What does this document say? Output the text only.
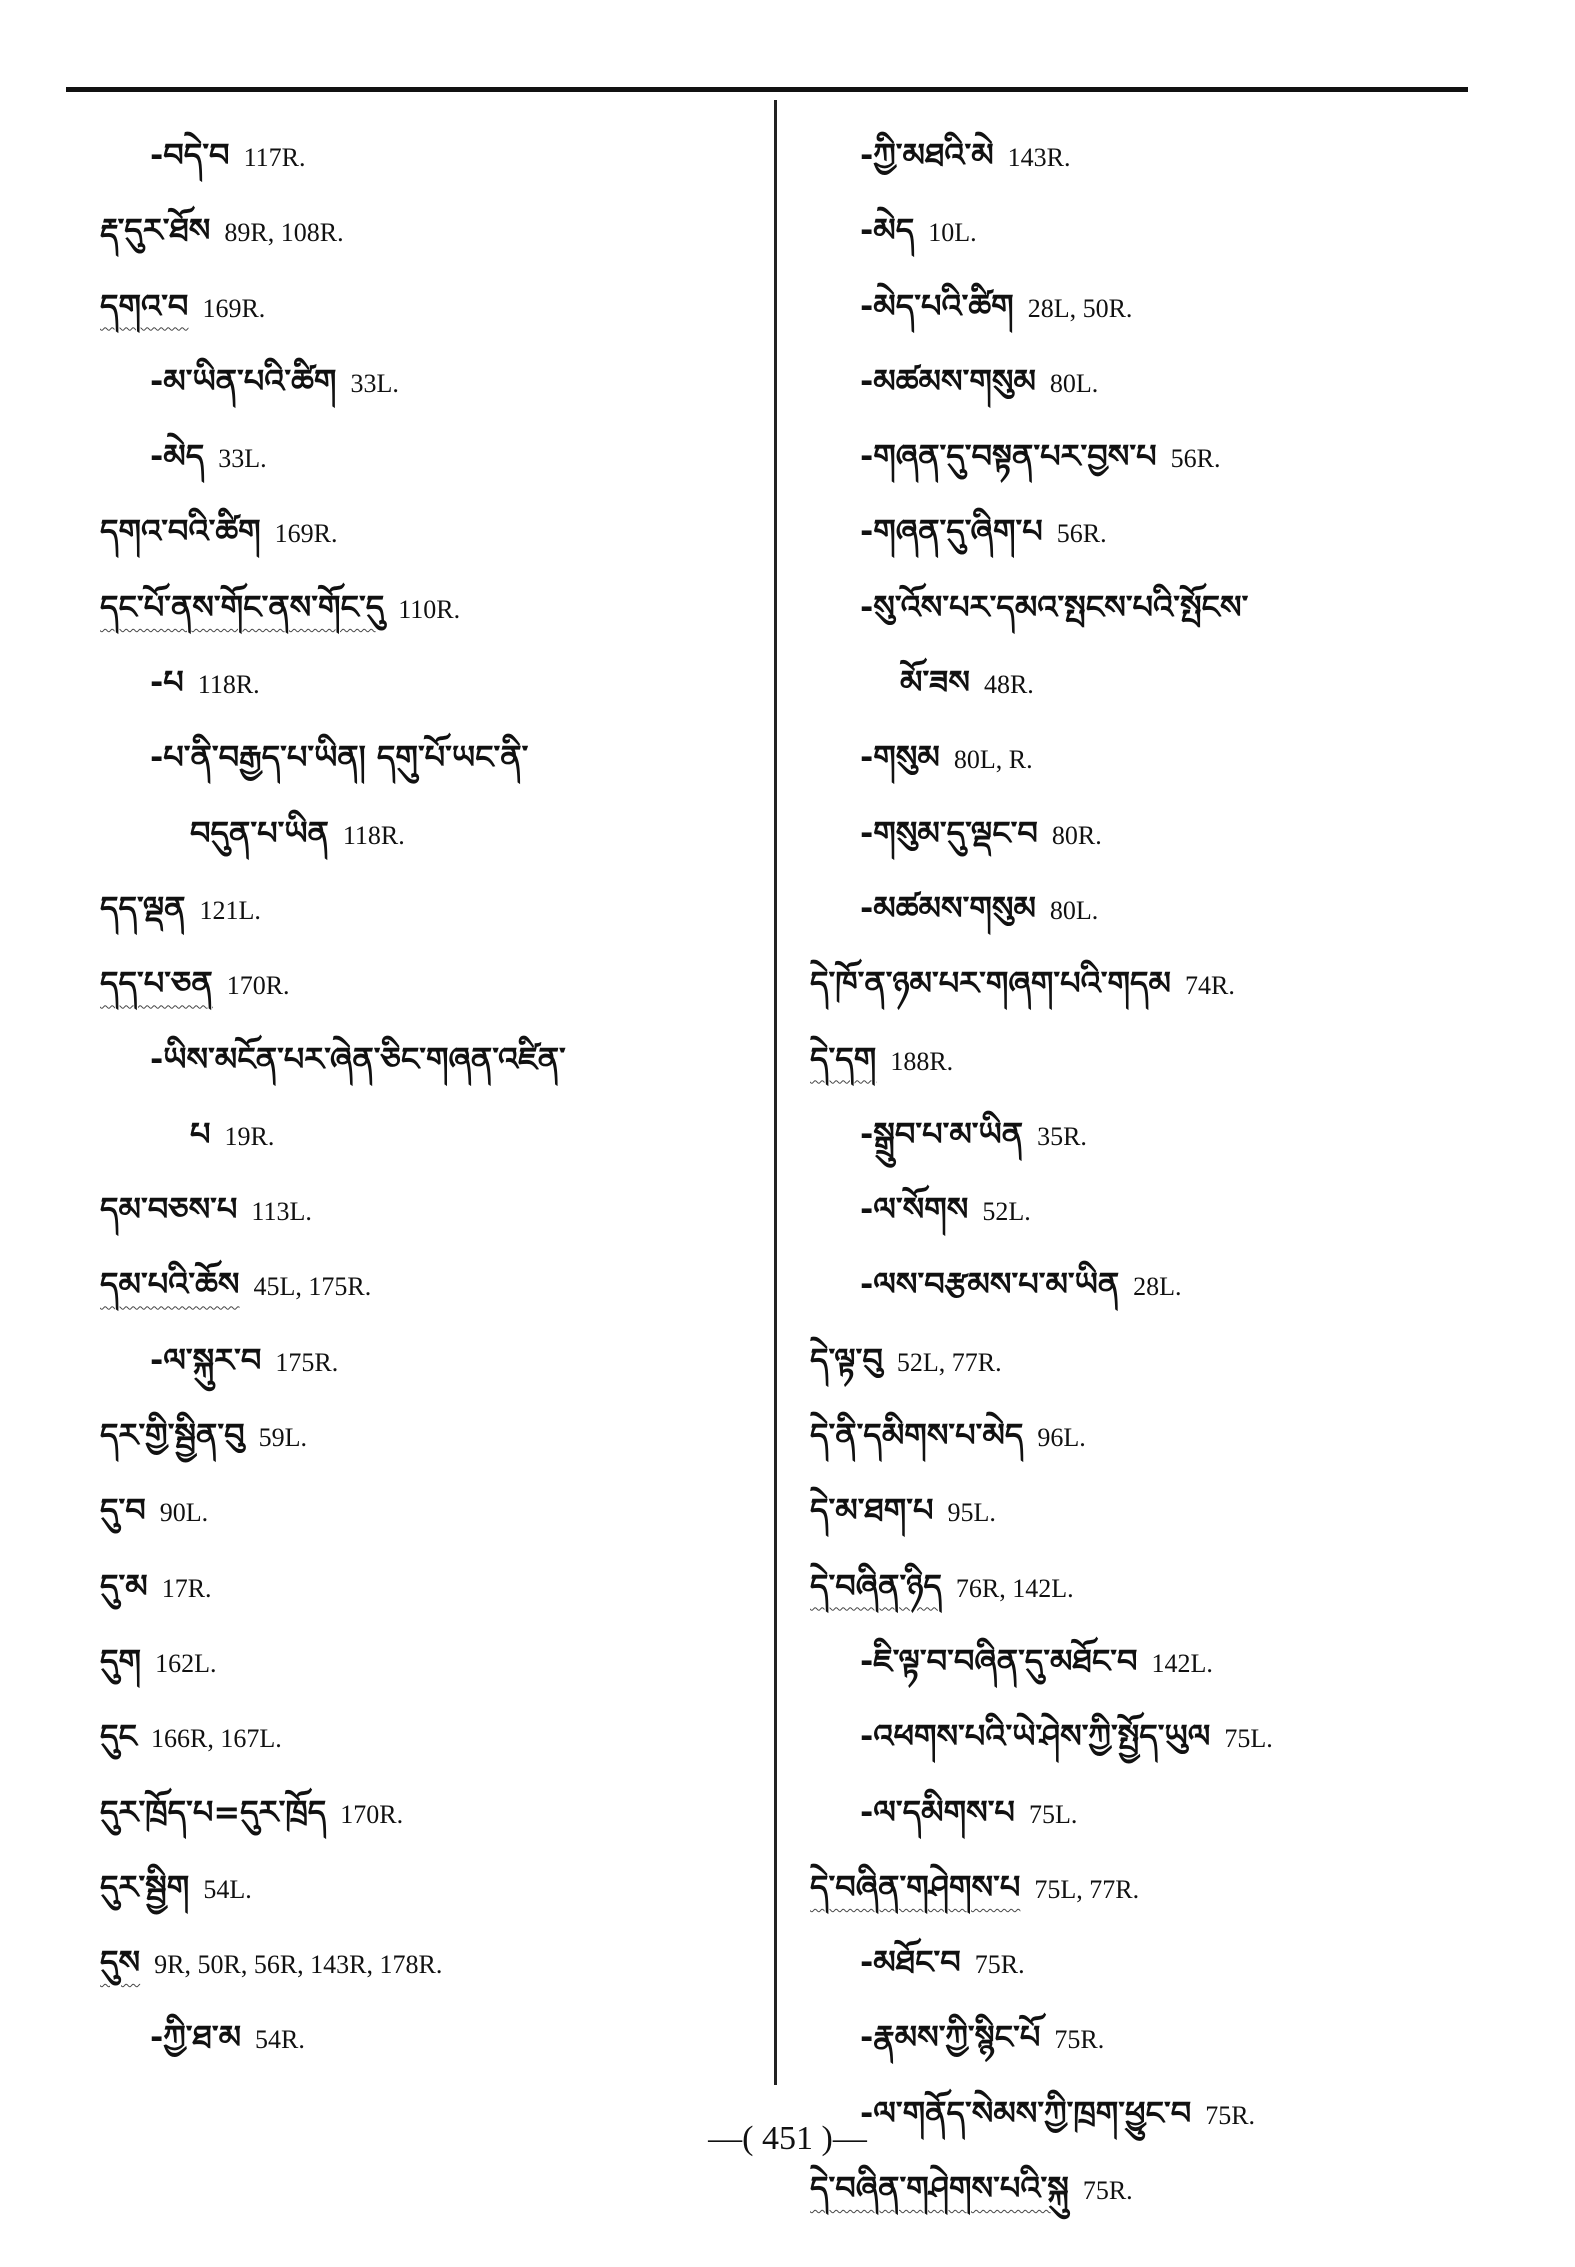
-བདེ་བ 117R.
རྡ་དུར་ཐོས 89R, 108R.
དགའ་བ 169R.
-མ་ཡིན་པའི་ཚིག 33L.
-མེད 33L.
དགའ་བའི་ཚིག 169R.
དང་པོ་ནས་གོང་ནས་གོང་དུ 110R.
-པ 118R.
-པ་ནི་བརྒྱད་པ་ཡིན། དགུ་པོ་ཡང་ནི་
བདུན་པ་ཡིན 118R.
དད་ལྡན 121L.
དད་པ་ཅན 170R.
-ཡིས་མངོན་པར་ཞེན་ཅིང་གཞན་འཛིན་
པ 19R.
དམ་བཅས་པ 113L.
དམ་པའི་ཆོས 45L, 175R.
-ལ་སྐུར་བ 175R.
དར་གྱི་སྦྱིན་བུ 59L.
དུ་བ 90L.
དུ་མ 17R.
དུག 162L.
དུང 166R, 167L.
དུར་ཁྲོད་པ=དུར་ཁྲོད 170R.
དུར་སྦྱིག 54L.
དུས 9R, 50R, 56R, 143R, 178R.
-ཀྱི་ཐ་མ 54R.
-ཀྱི་མཐའི་མེ 143R.
-མེད 10L.
-མེད་པའི་ཚིག 28L, 50R.
-མཚམས་གསུམ 80L.
-གཞན་དུ་བསྟན་པར་བྱས་པ 56R.
-གཞན་དུ་ཞིག་པ 56R.
-སུ་འོས་པར་དམའ་སྤངས་པའི་སྤོངས་
མོ་ཟས 48R.
-གསུམ 80L, R.
-གསུམ་དུ་ལྡང་བ 80R.
-མཚམས་གསུམ 80L.
དེ་ཁོ་ན་ཉམ་པར་གཞག་པའི་གདམ 74R.
དེ་དག 188R.
-སྒྲུབ་པ་མ་ཡིན 35R.
-ལ་སོགས 52L.
-ལས་བརྩམས་པ་མ་ཡིན 28L.
དེ་ལྟ་བུ 52L, 77R.
དེ་ནི་དམིགས་པ་མེད 96L.
དེ་མ་ཐག་པ 95L.
དེ་བཞིན་ཉིད 76R, 142L.
-ཇི་ལྟ་བ་བཞིན་དུ་མཐོང་བ 142L.
-འཕགས་པའི་ཡེ་ཤེས་ཀྱི་སྤྱོད་ཡུལ 75L.
-ལ་དམིགས་པ 75L.
དེ་བཞིན་གཤེགས་པ 75L, 77R.
-མཐོང་བ 75R.
-རྣམས་ཀྱི་སྙིང་པོ 75R.
-ལ་གནོད་སེམས་ཀྱི་ཁྲག་ཕྱུང་བ 75R.
དེ་བཞིན་གཤེགས་པའི་སྐུ 75R.
—( 451 )—
